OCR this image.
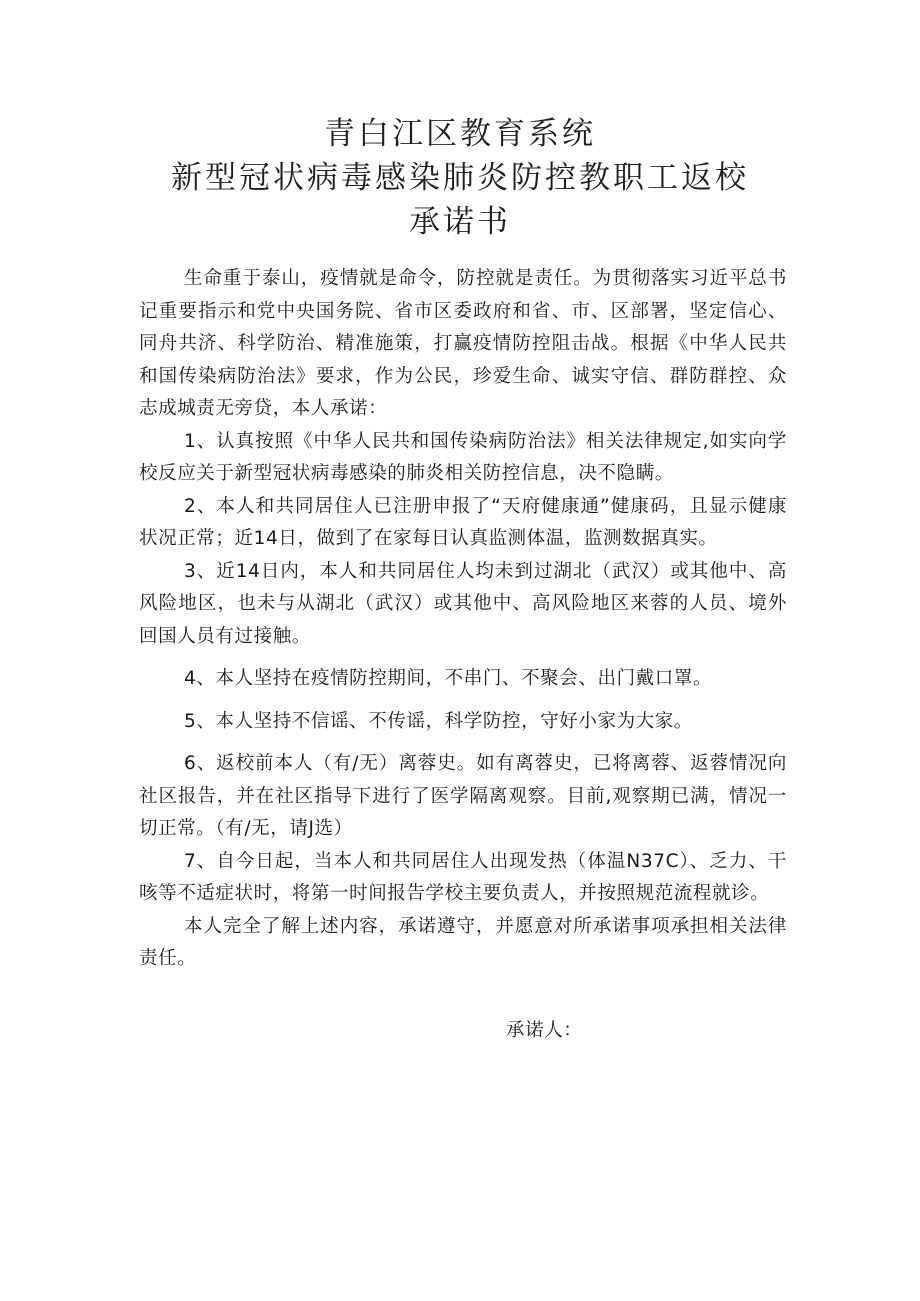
青白江区教育系统
新型冠状病毒感染肺炎防控教职工返校
承诺书

生命重于泰山，疫情就是命令，防控就是责任。为贯彻落实习近平总书记重要指示和党中央国务院、省市区委政府和省、市、区部署，坚定信心、同舟共济、科学防治、精准施策，打赢疫情防控阻击战。根据《中华人民共和国传染病防治法》要求，作为公民，珍爱生命、诚实守信、群防群控、众志成城责无旁贷，本人承诺：

1、认真按照《中华人民共和国传染病防治法》相关法律规定,如实向学校反应关于新型冠状病毒感染的肺炎相关防控信息，决不隐瞒。

2、本人和共同居住人已注册申报了“天府健康通”健康码，且显示健康状况正常；近14日，做到了在家每日认真监测体温，监测数据真实。

3、近14日内，本人和共同居住人均未到过湖北（武汉）或其他中、高风险地区，也未与从湖北（武汉）或其他中、高风险地区来蓉的人员、境外回国人员有过接触。

4、本人坚持在疫情防控期间，不串门、不聚会、出门戴口罩。

5、本人坚持不信谣、不传谣，科学防控，守好小家为大家。

6、返校前本人（有/无）离蓉史。如有离蓉史，已将离蓉、返蓉情况向社区报告，并在社区指导下进行了医学隔离观察。目前,观察期已满，情况一切正常。（有/无，请J选）

7、自今日起，当本人和共同居住人出现发热（体温N37C）、乏力、干咳等不适症状时，将第一时间报告学校主要负责人，并按照规范流程就诊。

本人完全了解上述内容，承诺遵守，并愿意对所承诺事项承担相关法律责任。

承诺人：
